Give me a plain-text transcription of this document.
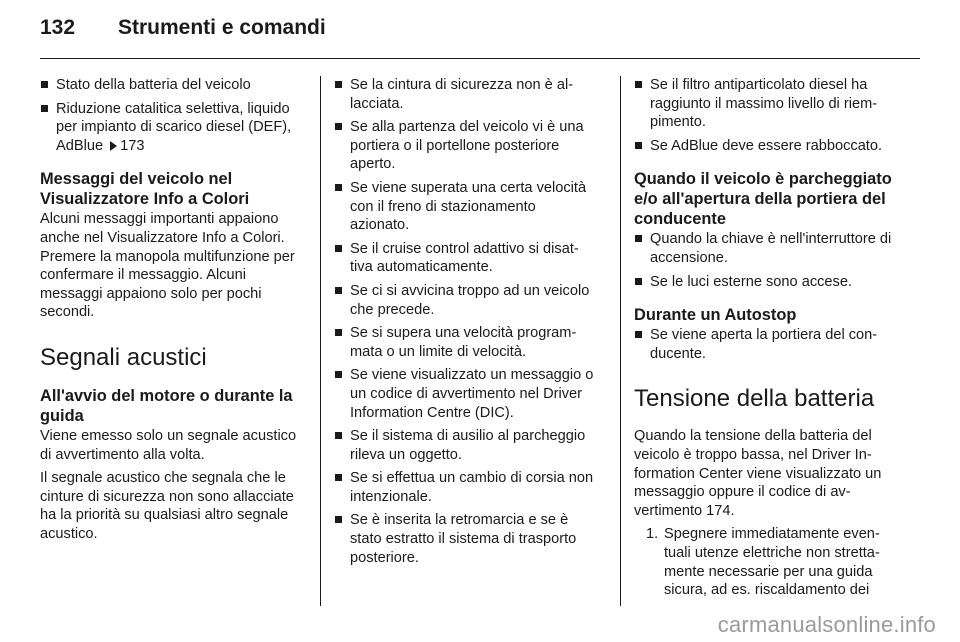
132	Strumenti e comandi
Stato della batteria del veicolo
Riduzione catalitica selettiva, liquido per impianto di scarico diesel (DEF), AdBlue 173
Messaggi del veicolo nel Visualizzatore Info a Colori

Alcuni messaggi importanti appaiono anche nel Visualizzatore Info a Colori. Premere la manopola multifunzione per confermare il messaggio. Alcuni messaggi appaiono solo per pochi secondi.

Segnali acustici
All'avvio del motore o durante la guida

Viene emesso solo un segnale acustico di avvertimento alla volta.

Il segnale acustico che segnala che le cinture di sicurezza non sono allacciate ha la priorità su qualsiasi altro segnale acustico.

Se la cintura di sicurezza non è allacciata.
Se alla partenza del veicolo vi è una portiera o il portellone posteriore aperto.
Se viene superata una certa velocità con il freno di stazionamento azionato.
Se il cruise control adattivo si disattiva automaticamente.
Se ci si avvicina troppo ad un veicolo che precede.
Se si supera una velocità programmata o un limite di velocità.
Se viene visualizzato un messaggio o un codice di avvertimento nel Driver Information Centre (DIC).
Se il sistema di ausilio al parcheggio rileva un oggetto.
Se si effettua un cambio di corsia non intenzionale.
Se è inserita la retromarcia e se è stato estratto il sistema di trasporto posteriore.
Se il filtro antiparticolato diesel ha raggiunto il massimo livello di riempimento.
Se AdBlue deve essere rabboccato.
Quando il veicolo è parcheggiato e/o all'apertura della portiera del conducente
Quando la chiave è nell'interruttore di accensione.
Se le luci esterne sono accese.
Durante un Autostop
Se viene aperta la portiera del conducente.
Tensione della batteria

Quando la tensione della batteria del veicolo è troppo bassa, nel Driver Information Center viene visualizzato un messaggio oppure il codice di avvertimento 174.

1. Spegnere immediatamente eventuali utenze elettriche non strettamente necessarie per una guida sicura, ad es. riscaldamento dei
carmanualsonline.info
